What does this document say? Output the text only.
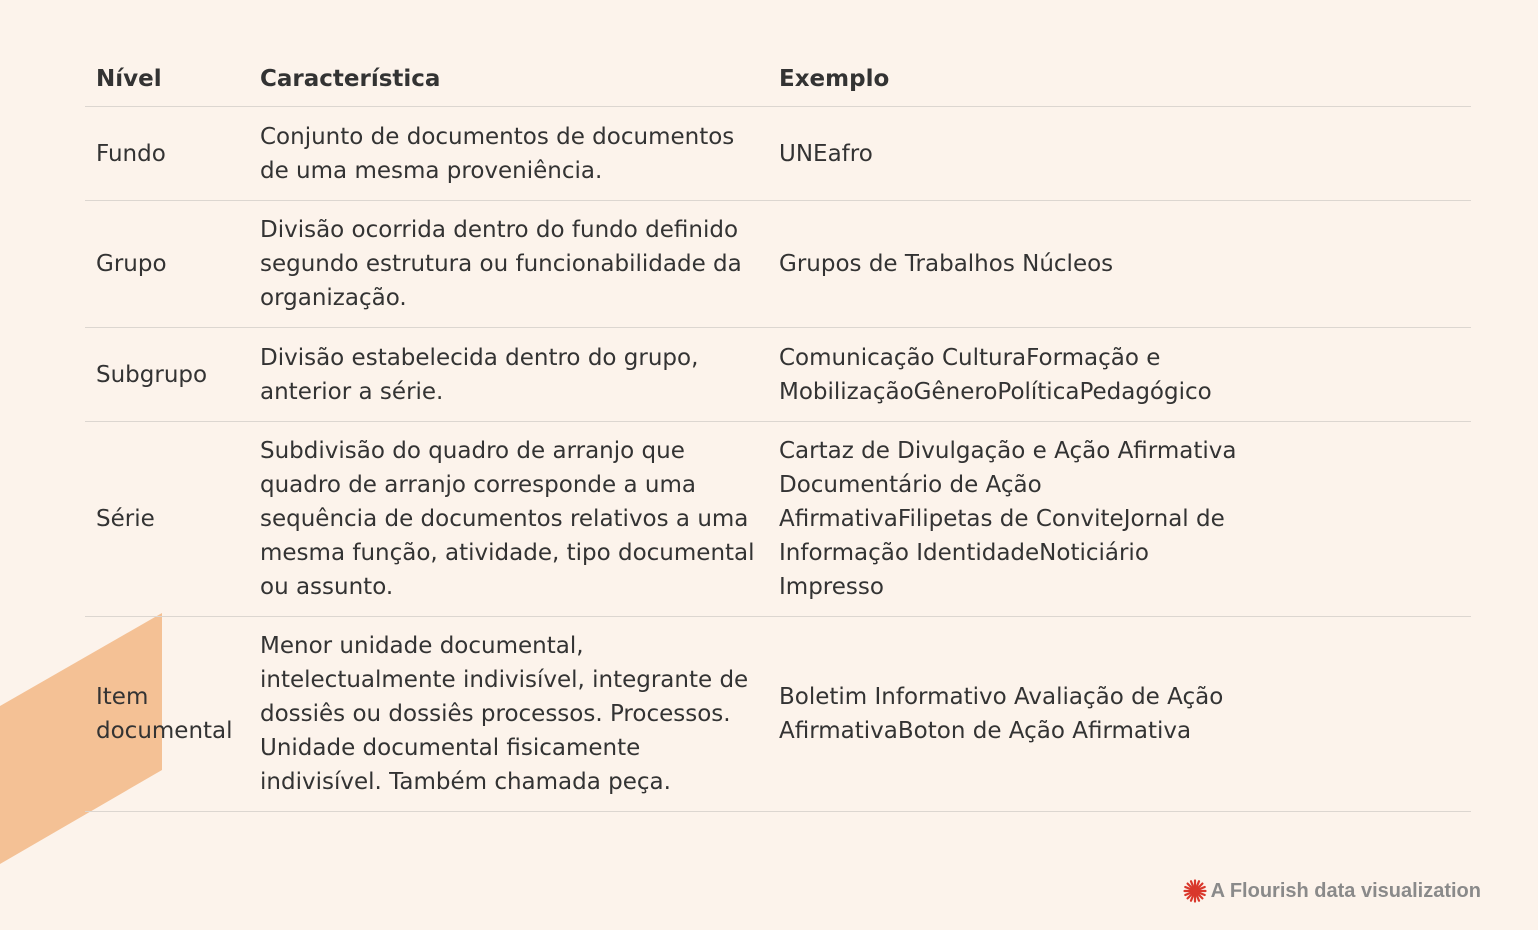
Nível	Característica	Exemplo
Fundo
Conjunto de documentos de documentos de uma mesma proveniência.
UNEafro
Grupo
Divisão ocorrida dentro do fundo definido segundo estrutura ou funcionabilidade da organização.
Grupos de Trabalhos Núcleos
Subgrupo
Divisão estabelecida dentro do grupo, anterior a série.
Comunicação CulturaFormação e MobilizaçãoGêneroPolíticaPedagógico
Série
Subdivisão do quadro de arranjo que quadro de arranjo corresponde a uma sequência de documentos relativos a uma mesma função, atividade, tipo documental ou assunto.
Cartaz de Divulgação e Ação Afirmativa Documentário de Ação AfirmativaFilipetas de ConviteJornal de Informação IdentidadeNoticiário Impresso
Item documental
Menor unidade documental, intelectualmente indivisível, integrante de dossiês ou dossiês processos. Processos. Unidade documental fisicamente indivisível. Também chamada peça.
Boletim Informativo Avaliação de Ação AfirmativaBoton de Ação Afirmativa
A Flourish data visualization
